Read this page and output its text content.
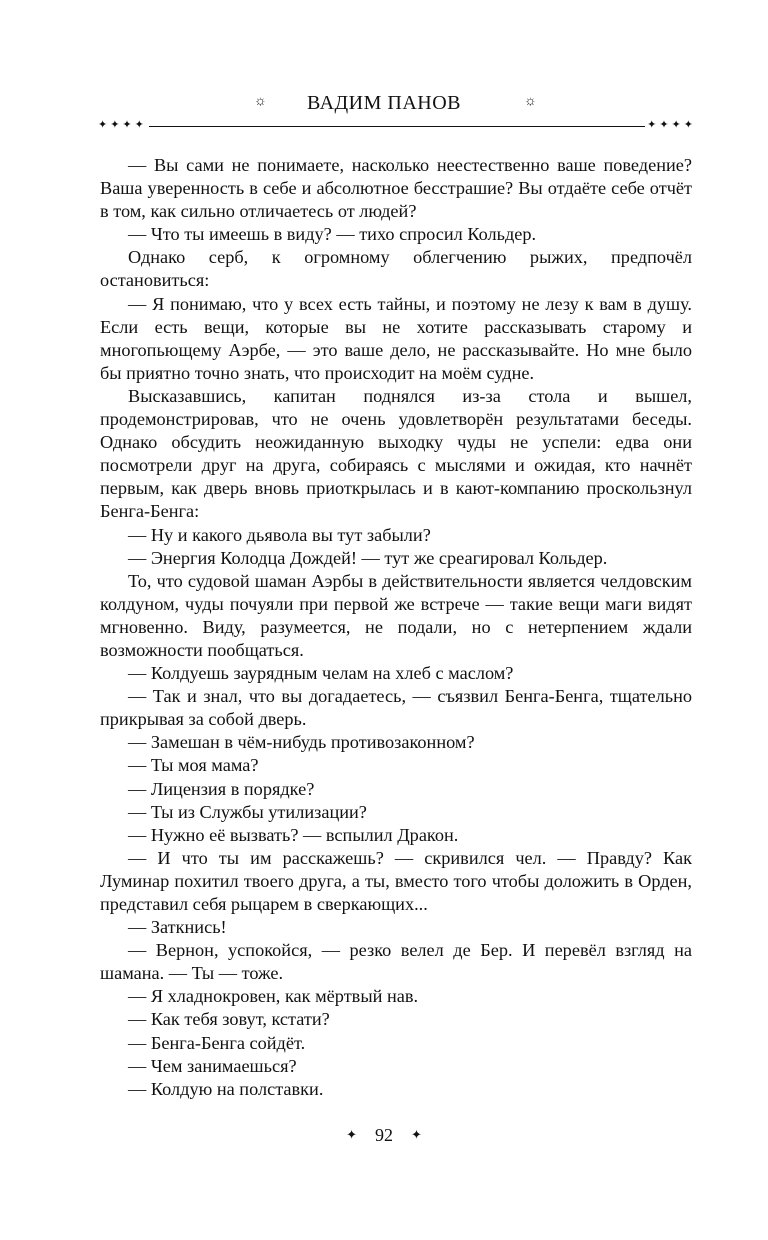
☼	ВАДИМ ПАНОВ	☼
✦✦✦✦	✦✦✦✦

— Вы сами не понимаете, насколько неестественно ваше поведение? Ваша уверенность в себе и абсолютное бесстрашие? Вы отдаёте себе отчёт в том, как сильно отличаетесь от людей?

— Что ты имеешь в виду? — тихо спросил Кольдер.

Однако серб, к огромному облегчению рыжих, предпочёл остановиться:

— Я понимаю, что у всех есть тайны, и поэтому не лезу к вам в душу. Если есть вещи, которые вы не хотите рассказывать старому и многопьющему Аэрбе, — это ваше дело, не рассказывайте. Но мне было бы приятно точно знать, что происходит на моём судне.

Высказавшись, капитан поднялся из-за стола и вышел, продемонстрировав, что не очень удовлетворён результатами беседы. Однако обсудить неожиданную выходку чуды не успели: едва они посмотрели друг на друга, собираясь с мыслями и ожидая, кто начнёт первым, как дверь вновь приоткрылась и в кают-компанию проскользнул Бенга-Бенга:

— Ну и какого дьявола вы тут забыли?

— Энергия Колодца Дождей! — тут же среагировал Кольдер.

То, что судовой шаман Аэрбы в действительности является челдовским колдуном, чуды почуяли при первой же встрече — такие вещи маги видят мгновенно. Виду, разумеется, не подали, но с нетерпением ждали возможности пообщаться.

— Колдуешь заурядным челам на хлеб с маслом?

— Так и знал, что вы догадаетесь, — съязвил Бенга-Бенга, тщательно прикрывая за собой дверь.

— Замешан в чём-нибудь противозаконном?

— Ты моя мама?

— Лицензия в порядке?

— Ты из Службы утилизации?

— Нужно её вызвать? — вспылил Дракон.

— И что ты им расскажешь? — скривился чел. — Правду? Как Луминар похитил твоего друга, а ты, вместо того чтобы доложить в Орден, представил себя рыцарем в сверкающих...

— Заткнись!

— Вернон, успокойся, — резко велел де Бер. И перевёл взгляд на шамана. — Ты — тоже.

— Я хладнокровен, как мёртвый нав.

— Как тебя зовут, кстати?

— Бенга-Бенга сойдёт.

— Чем занимаешься?

— Колдую на полставки.

✦ 92 ✦
